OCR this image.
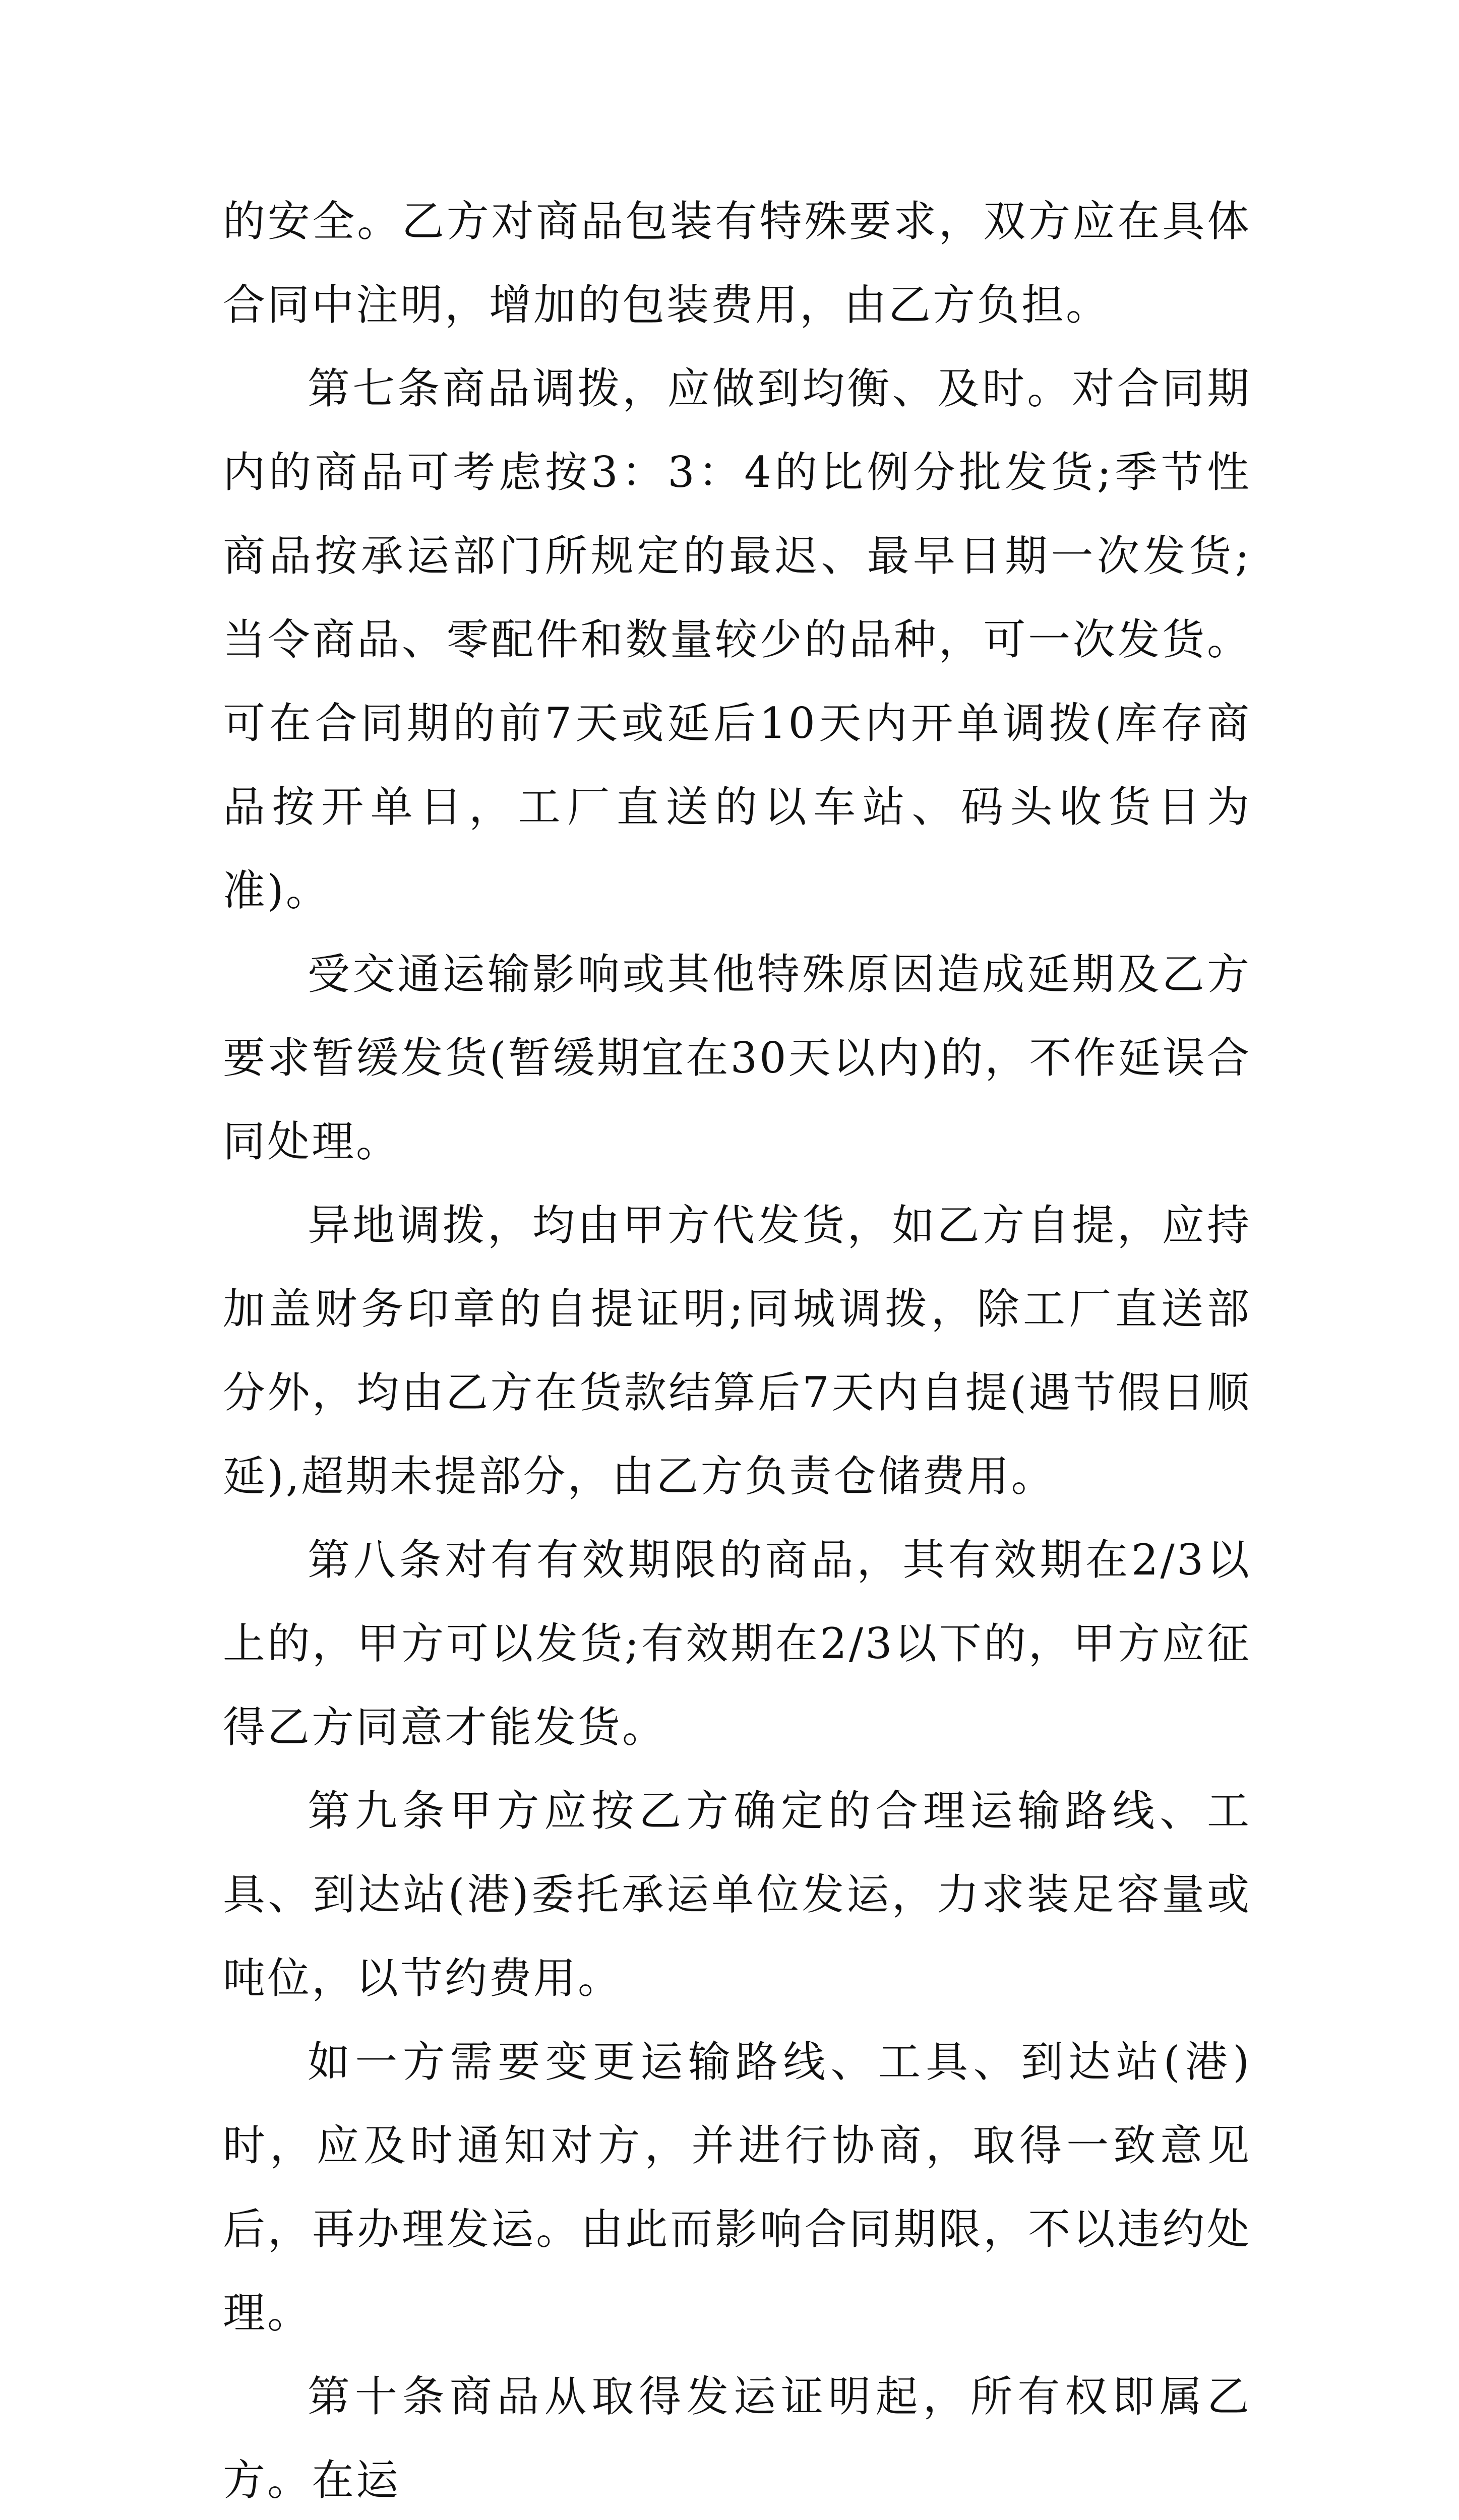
的安全。乙方对商品包装有特殊要求，双方应在具体合同中注明，增加的包装费用，由乙方负担。

第七条商品调拨，应做到均衡、及时。对合同期内的商品可考虑按3：3：4的比例分批发货;季节性商品按承运部门所规定的最迟、最早日期一次发货;当令商品、零配件和数量较少的品种，可一次发货。可在合同期的前7天或延后10天内开单调拨(库存商品按开单日，工厂直送的以车站、码头收货日为准)。

受交通运输影响或其他特殊原因造成延期及乙方要求暂缓发货(暂缓期宜在30天以内)的，不作延误合同处理。

异地调拨，均由甲方代发货，如乙方自提，应持加盖财务印章的自提证明;同城调拨，除工厂直送部分外，均由乙方在货款结算后7天内自提(遇节假日顺延),超期未提部分，由乙方负责仓储费用。

第八条对有有效期限的商品，其有效期在2/3以上的，甲方可以发货;有效期在2/3以下的，甲方应征得乙方同意才能发货。

第九条甲方应按乙方确定的合理运输路线、工具、到达站(港)委托承运单位发运，力求装足容量或吨位，以节约费用。

如一方需要变更运输路线、工具、到达站(港)时，应及时通知对方，并进行协商，取得一致意见后，再办理发运。由此而影响合同期限，不以违约处理。

第十条商品从取得发运证明起，所有权即属乙方。在运
